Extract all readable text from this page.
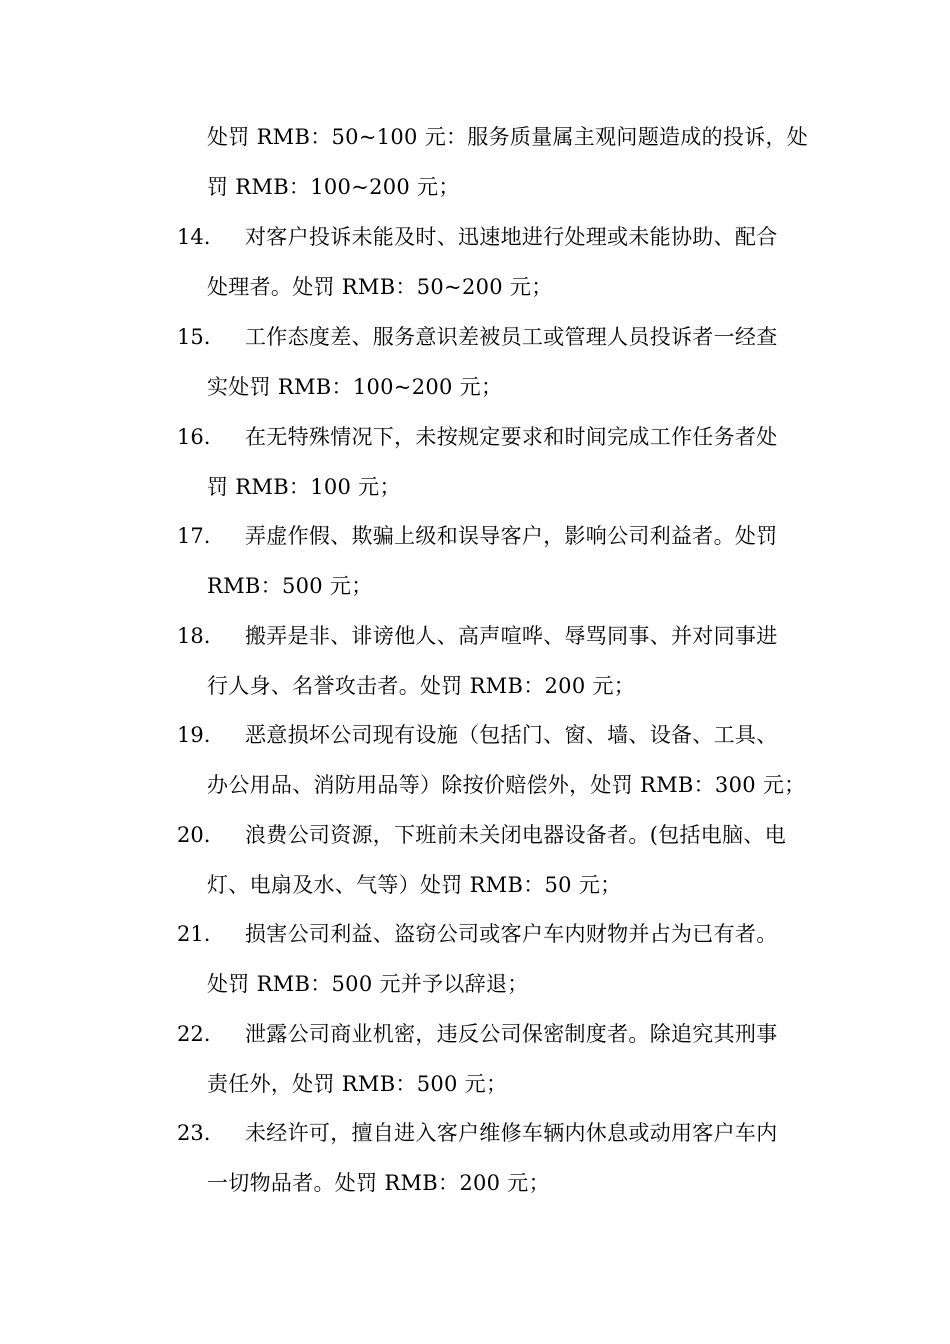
处罚 RMB：50~100 元：服务质量属主观问题造成的投诉，处
罚 RMB：100~200 元；
14. 对客户投诉未能及时、迅速地进行处理或未能协助、配合
处理者。处罚 RMB：50~200 元；
15. 工作态度差、服务意识差被员工或管理人员投诉者一经查
实处罚 RMB：100~200 元；
16. 在无特殊情况下，未按规定要求和时间完成工作任务者处
罚 RMB：100 元；
17. 弄虚作假、欺骗上级和误导客户，影响公司利益者。处罚
RMB：500 元；
18. 搬弄是非、诽谤他人、高声喧哗、辱骂同事、并对同事进
行人身、名誉攻击者。处罚 RMB：200 元；
19. 恶意损坏公司现有设施（包括门、窗、墙、设备、工具、
办公用品、消防用品等）除按价赔偿外，处罚 RMB：300 元；
20. 浪费公司资源，下班前未关闭电器设备者。(包括电脑、电
灯、电扇及水、气等）处罚 RMB：50 元；
21. 损害公司利益、盗窃公司或客户车内财物并占为已有者。
处罚 RMB：500 元并予以辞退；
22. 泄露公司商业机密，违反公司保密制度者。除追究其刑事
责任外，处罚 RMB：500 元；
23. 未经许可，擅自进入客户维修车辆内休息或动用客户车内
一切物品者。处罚 RMB：200 元；
